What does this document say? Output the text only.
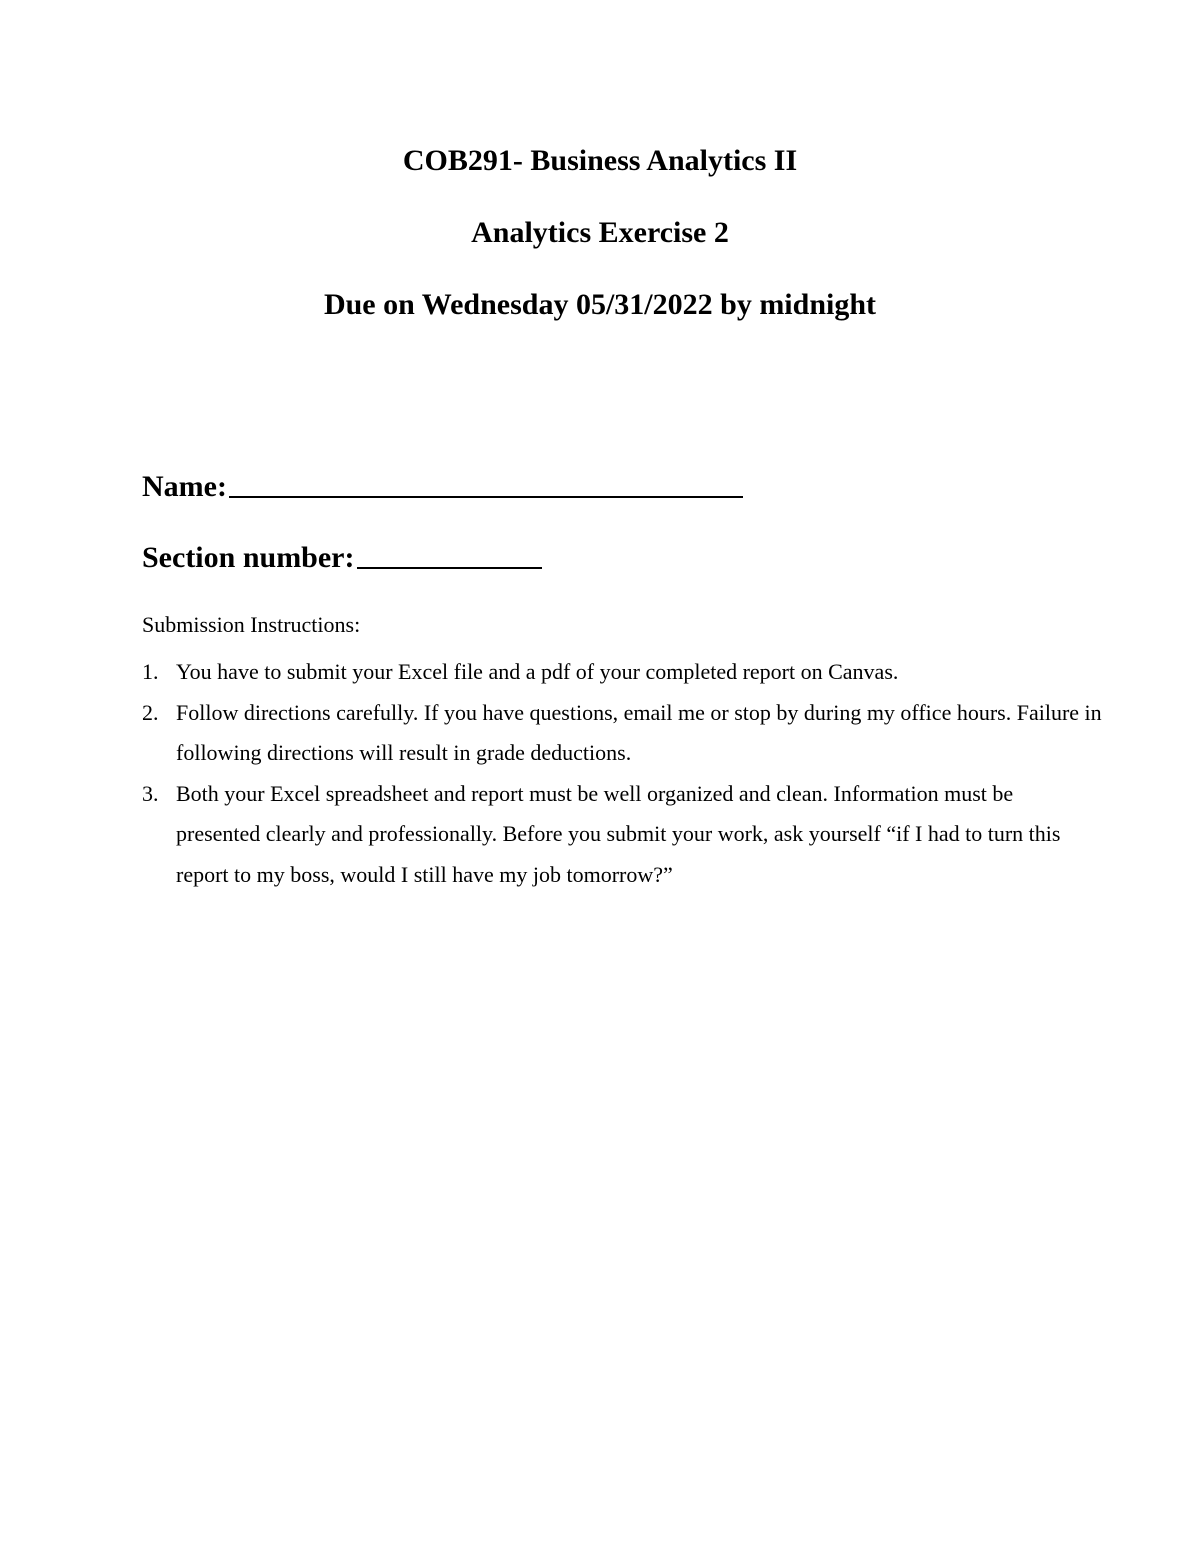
COB291- Business Analytics II
Analytics Exercise 2
Due on Wednesday 05/31/2022 by midnight
Name:
Section number:
Submission Instructions:
1. You have to submit your Excel file and a pdf of your completed report on Canvas.
2. Follow directions carefully. If you have questions, email me or stop by during my office hours. Failure in following directions will result in grade deductions.
3. Both your Excel spreadsheet and report must be well organized and clean. Information must be presented clearly and professionally. Before you submit your work, ask yourself “if I had to turn this report to my boss, would I still have my job tomorrow?”
